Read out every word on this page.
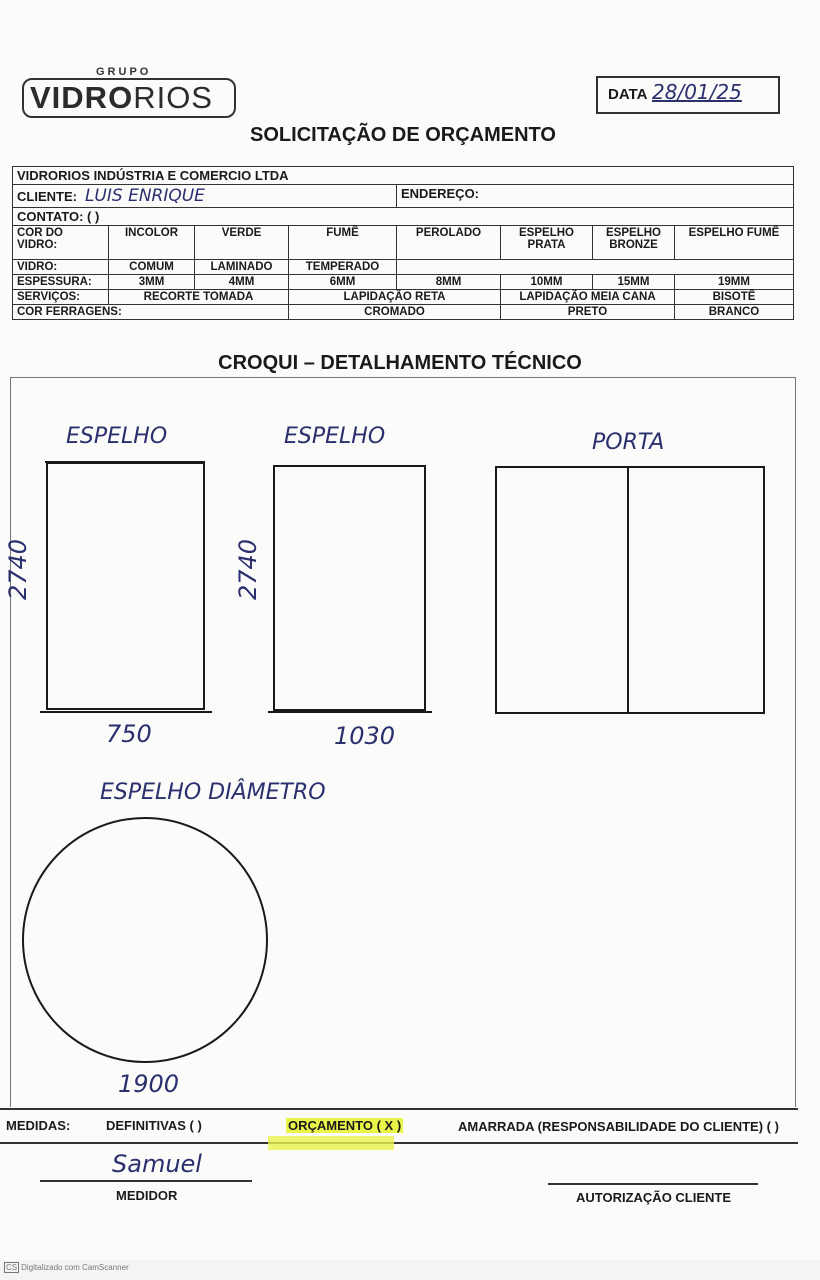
GRUPO
VIDRORIOS	DATA 28/01/25
SOLICITAÇÃO DE ORÇAMENTO
VIDRORIOS INDÚSTRIA E COMERCIO LTDA							
CLIENTE: LUIS ENRIQUE				ENDEREÇO:			
CONTATO: ( )							
COR DO VIDRO:	INCOLOR	VERDE	FUMÊ	PEROLADO	ESPELHO PRATA	ESPELHO BRONZE	ESPELHO FUMÊ
VIDRO:	COMUM	LAMINADO	TEMPERADO				
ESPESSURA:	3MM	4MM	6MM	8MM	10MM	15MM	19MM
SERVIÇOS:	RECORTE TOMADA		LAPIDAÇÃO RETA		LAPIDAÇÃO MEIA CANA		BISOTÊ
COR FERRAGENS:			CROMADO		PRETO		BRANCO
CROQUI – DETALHAMENTO TÉCNICO
ESPELHO
2740
750
ESPELHO
2740
1030
PORTA
ESPELHO DIÂMETRO
1900
MEDIDAS:	DEFINITIVAS ( )	ORÇAMENTO ( X )	AMARRADA (RESPONSABILIDADE DO CLIENTE) ( )
Samuel
MEDIDOR	AUTORIZAÇÃO CLIENTE
CS Digitalizado com CamScanner
